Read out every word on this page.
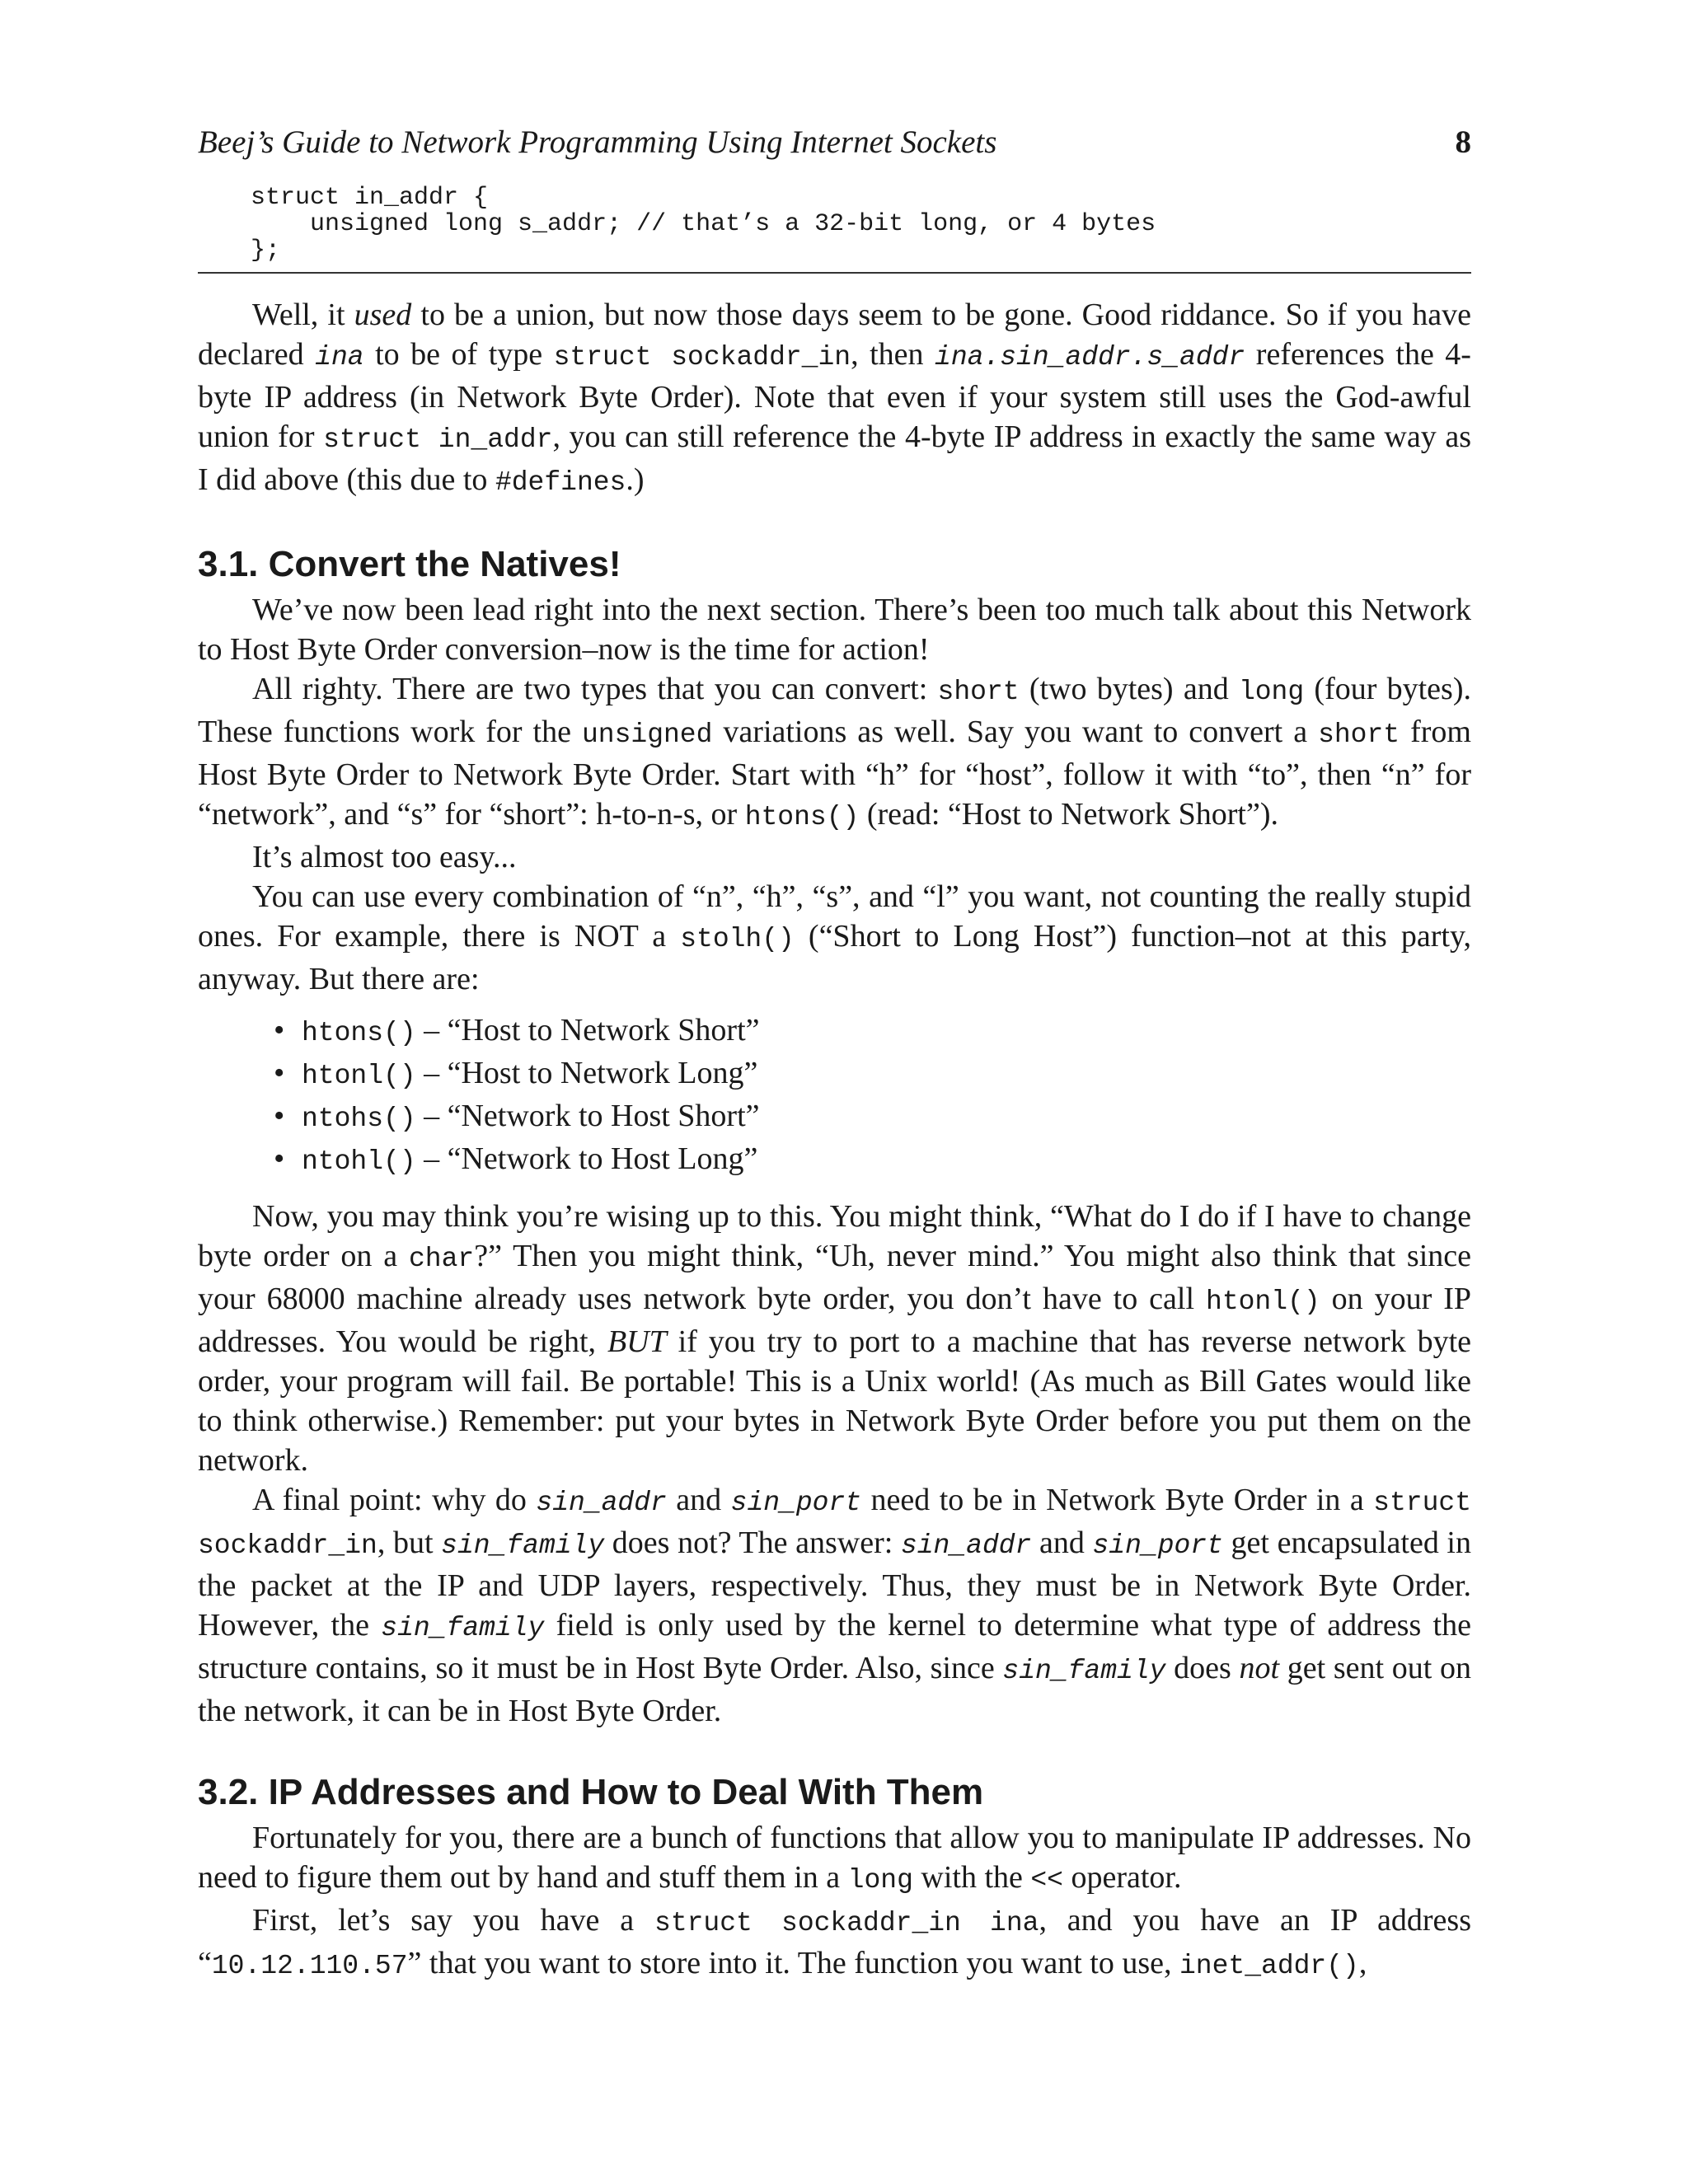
Beej’s Guide to Network Programming Using Internet Sockets	8
struct in_addr {
unsigned long s_addr; // that’s a 32-bit long, or 4 bytes
};

Well, it used to be a union, but now those days seem to be gone. Good riddance. So if you have declared ina to be of type struct sockaddr_in, then ina.sin_addr.s_addr references the 4-byte IP address (in Network Byte Order). Note that even if your system still uses the God-awful union for struct in_addr, you can still reference the 4-byte IP address in exactly the same way as I did above (this due to #defines.)

3.1. Convert the Natives!

We’ve now been lead right into the next section. There’s been too much talk about this Network to Host Byte Order conversion–now is the time for action!

All righty. There are two types that you can convert: short (two bytes) and long (four bytes). These functions work for the unsigned variations as well. Say you want to convert a short from Host Byte Order to Network Byte Order. Start with “h” for “host”, follow it with “to”, then “n” for “network”, and “s” for “short”: h-to-n-s, or htons() (read: “Host to Network Short”).

It’s almost too easy...

You can use every combination of “n”, “h”, “s”, and “l” you want, not counting the really stupid ones. For example, there is NOT a stolh() (“Short to Long Host”) function–not at this party, anyway. But there are:

• htons() – “Host to Network Short”
• htonl() – “Host to Network Long”
• ntohs() – “Network to Host Short”
• ntohl() – “Network to Host Long”

Now, you may think you’re wising up to this. You might think, “What do I do if I have to change byte order on a char?” Then you might think, “Uh, never mind.” You might also think that since your 68000 machine already uses network byte order, you don’t have to call htonl() on your IP addresses. You would be right, BUT if you try to port to a machine that has reverse network byte order, your program will fail. Be portable! This is a Unix world! (As much as Bill Gates would like to think otherwise.) Remember: put your bytes in Network Byte Order before you put them on the network.

A final point: why do sin_addr and sin_port need to be in Network Byte Order in a struct sockaddr_in, but sin_family does not? The answer: sin_addr and sin_port get encapsulated in the packet at the IP and UDP layers, respectively. Thus, they must be in Network Byte Order. However, the sin_family field is only used by the kernel to determine what type of address the structure contains, so it must be in Host Byte Order. Also, since sin_family does not get sent out on the network, it can be in Host Byte Order.

3.2. IP Addresses and How to Deal With Them

Fortunately for you, there are a bunch of functions that allow you to manipulate IP addresses. No need to figure them out by hand and stuff them in a long with the << operator.

First, let’s say you have a struct sockaddr_in ina, and you have an IP address “10.12.110.57” that you want to store into it. The function you want to use, inet_addr(),
